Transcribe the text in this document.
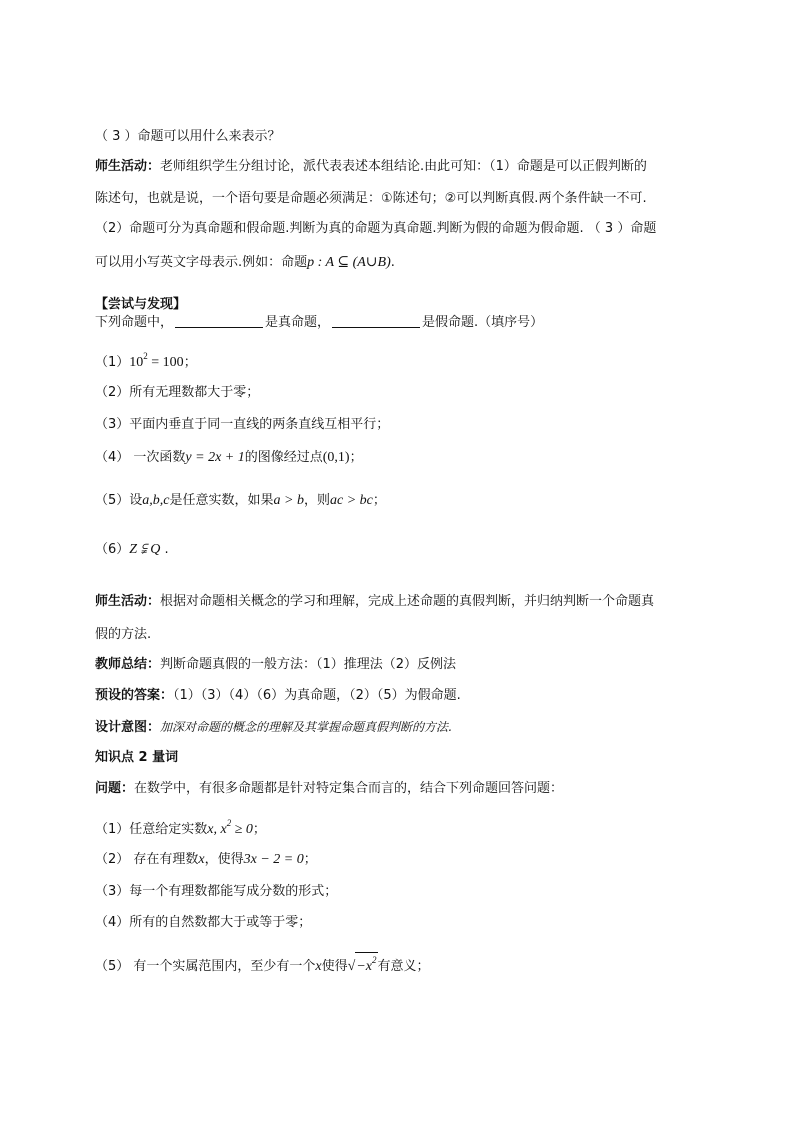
（ 3 ）命题可以用什么来表示？
师生活动：老师组织学生分组讨论，派代表表述本组结论.由此可知：（1）命题是可以正假判断的
陈述句，也就是说，一个语句要是命题必须满足：①陈述句；②可以判断真假.两个条件缺一不可.
（2）命题可分为真命题和假命题.判断为真的命题为真命题.判断为假的命题为假命题. （ 3 ）命题
可以用小写英文字母表示.例如：命题p : A ⊆ (A∪B).
【尝试与发现】
下列命题中，	是真命题，	是假命题.（填序号）
$(1)10^2 = 100$；
（2）所有无理数都大于零；
（3）平面内垂直于同一直线的两条直线互相平行；
（4） 一次函数y = 2x + 1的图像经过点(0,1)；
（5）设a,b,c是任意实数，如果a > b，则ac > bc；
（6）Z ⫋ Q .
师生活动：根据对命题相关概念的学习和理解，完成上述命题的真假判断，并归纳判断一个命题真
假的方法.
教师总结：判断命题真假的一般方法：（1）推理法（2）反例法
预设的答案：（1）（3）（4）（6）为真命题，（2）（5）为假命题.
设计意图：加深对命题的概念的理解及其掌握命题真假判断的方法.
知识点 2 量词
问题：在数学中，有很多命题都是针对特定集合而言的，结合下列命题回答问题：
（1）任意给定实数x, $x^2 \ge 0$；
（2） 存在有理数x，使得3x − 2 = 0；
（3）每一个有理数都能写成分数的形式；
（4）所有的自然数都大于或等于零；
（5） 有一个实属范围内，至少有一个x使得$√-x^2$有意义；
